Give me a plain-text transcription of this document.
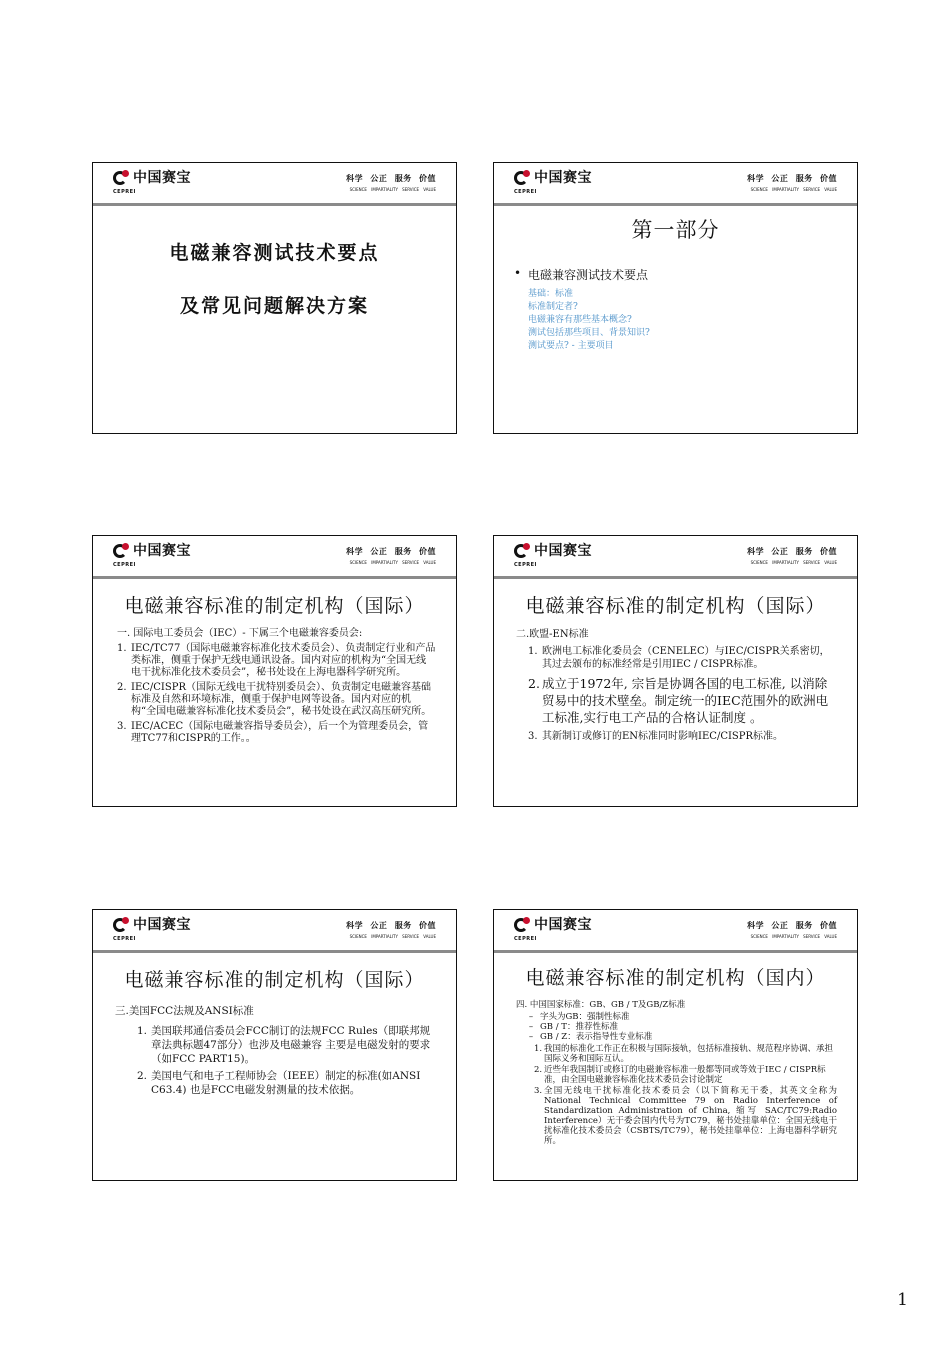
中国赛宝
CEPREI
科学 公正 服务 价值
SCIENCE IMPARTIALITY SERVICE VALUE
电磁兼容测试技术要点
及常见问题解决方案
中国赛宝
CEPREI
科学 公正 服务 价值
SCIENCE IMPARTIALITY SERVICE VALUE
第一部分
• 电磁兼容测试技术要点
基础：标准
标准制定者?
电磁兼容有那些基本概念?
测试包括那些项目、背景知识?
测试要点? - 主要项目
中国赛宝
CEPREI
科学 公正 服务 价值
SCIENCE IMPARTIALITY SERVICE VALUE
电磁兼容标准的制定机构（国际）
一. 国际电工委员会（IEC）- 下属三个电磁兼容委员会:
1. IEC/TC77（国际电磁兼容标准化技术委员会）、负责制定行业和产品类标准，侧重于保护无线电通讯设备。国内对应的机构为“全国无线电干扰标准化技术委员会”，秘书处设在上海电器科学研究所。
2. IEC/CISPR（国际无线电干扰特别委员会）、负责制定电磁兼容基础标准及自然和环境标准，侧重于保护电网等设备。国内对应的机构“全国电磁兼容标准化技术委员会”，秘书处设在武汉高压研究所。
3. IEC/ACEC（国际电磁兼容指导委员会），后一个为管理委员会，管理TC77和CISPR的工作。。
中国赛宝
CEPREI
科学 公正 服务 价值
SCIENCE IMPARTIALITY SERVICE VALUE
电磁兼容标准的制定机构（国际）
二.欧盟-EN标准
1. 欧洲电工标准化委员会（CENELEC）与IEC/CISPR关系密切，其过去颁布的标准经常是引用IEC / CISPR标准。
2. 成立于1972年, 宗旨是协调各国的电工标准, 以消除贸易中的技术壁垒。制定统一的IEC范围外的欧洲电工标准,实行电工产品的合格认证制度 。
3. 其新制订或修订的EN标准同时影响IEC/CISPR标准。
中国赛宝
CEPREI
科学 公正 服务 价值
SCIENCE IMPARTIALITY SERVICE VALUE
电磁兼容标准的制定机构（国际）
三.美国FCC法规及ANSI标准
1. 美国联邦通信委员会FCC制订的法规FCC Rules（即联邦规章法典标题47部分）也涉及电磁兼容 主要是电磁发射的要求（如FCC PART15)。
2. 美国电气和电子工程师协会（IEEE）制定的标准(如ANSI C63.4) 也是FCC电磁发射测量的技术依据。
中国赛宝
CEPREI
科学 公正 服务 价值
SCIENCE IMPARTIALITY SERVICE VALUE
电磁兼容标准的制定机构（国内）
四. 中国国家标准：GB、GB / T及GB/Z标准
– 字头为GB：强制性标准
– GB / T：推荐性标准
– GB / Z：表示指导性专业标准
1. 我国的标准化工作正在积极与国际接轨，包括标准接轨、规范程序协调、承担国际义务和国际互认。
2. 近些年我国制订或修订的电磁兼容标准一般都等同或等效于IEC / CISPR标准，由全国电磁兼容标准化技术委员会讨论制定
3. 全国无线电干扰标准化技术委员会（以下简称无干委，其英文全称为 National Technical Committee 79 on Radio Interference of Standardization Administration of China, 缩写 SAC/TC79:Radio Interference）无干委会国内代号为TC79，秘书处挂靠单位：全国无线电干扰标准化技术委员会（CSBTS/TC79），秘书处挂靠单位：上海电器科学研究所。
1
